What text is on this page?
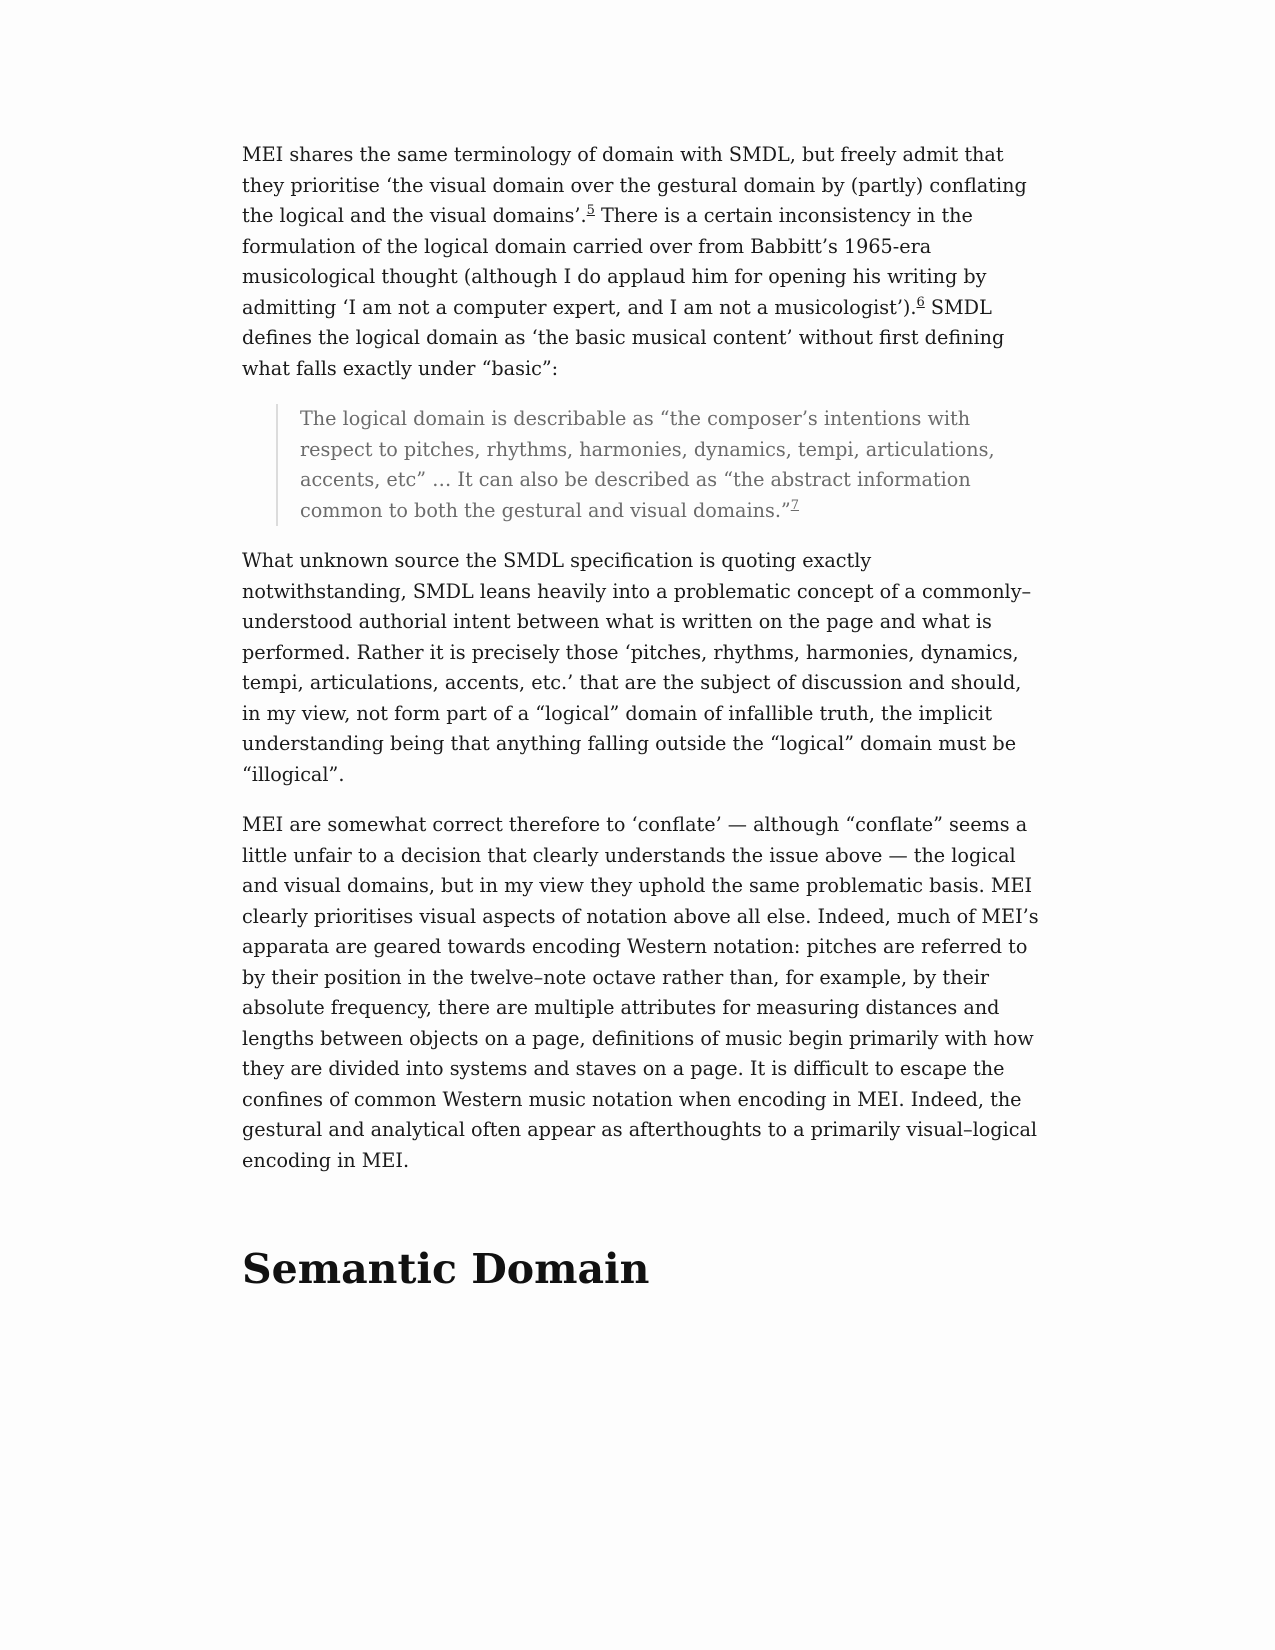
MEI shares the same terminology of domain with SMDL, but freely admit that they prioritise ‘the visual domain over the gestural domain by (partly) conflating the logical and the visual domains’.$^5$ There is a certain inconsistency in the formulation of the logical domain carried over from Babbitt’s 1965-era musicological thought (although I do applaud him for opening his writing by admitting ‘I am not a computer expert, and I am not a musicologist’).$^6$ SMDL defines the logical domain as ‘the basic musical content’ without first defining what falls exactly under “basic”:

The logical domain is describable as “the composer’s intentions with respect to pitches, rhythms, harmonies, dynamics, tempi, articulations, accents, etc” … It can also be described as “the abstract information common to both the gestural and visual domains.”$^7$

What unknown source the SMDL specification is quoting exactly notwithstanding, SMDL leans heavily into a problematic concept of a commonly–understood authorial intent between what is written on the page and what is performed. Rather it is precisely those ‘pitches, rhythms, harmonies, dynamics, tempi, articulations, accents, etc.’ that are the subject of discussion and should, in my view, not form part of a “logical” domain of infallible truth, the implicit understanding being that anything falling outside the “logical” domain must be “illogical”.

MEI are somewhat correct therefore to ‘conflate’ — although “conflate” seems a little unfair to a decision that clearly understands the issue above — the logical and visual domains, but in my view they uphold the same problematic basis. MEI clearly prioritises visual aspects of notation above all else. Indeed, much of MEI’s apparata are geared towards encoding Western notation: pitches are referred to by their position in the twelve–note octave rather than, for example, by their absolute frequency, there are multiple attributes for measuring distances and lengths between objects on a page, definitions of music begin primarily with how they are divided into systems and staves on a page. It is difficult to escape the confines of common Western music notation when encoding in MEI. Indeed, the gestural and analytical often appear as afterthoughts to a primarily visual–logical encoding in MEI.

Semantic Domain
